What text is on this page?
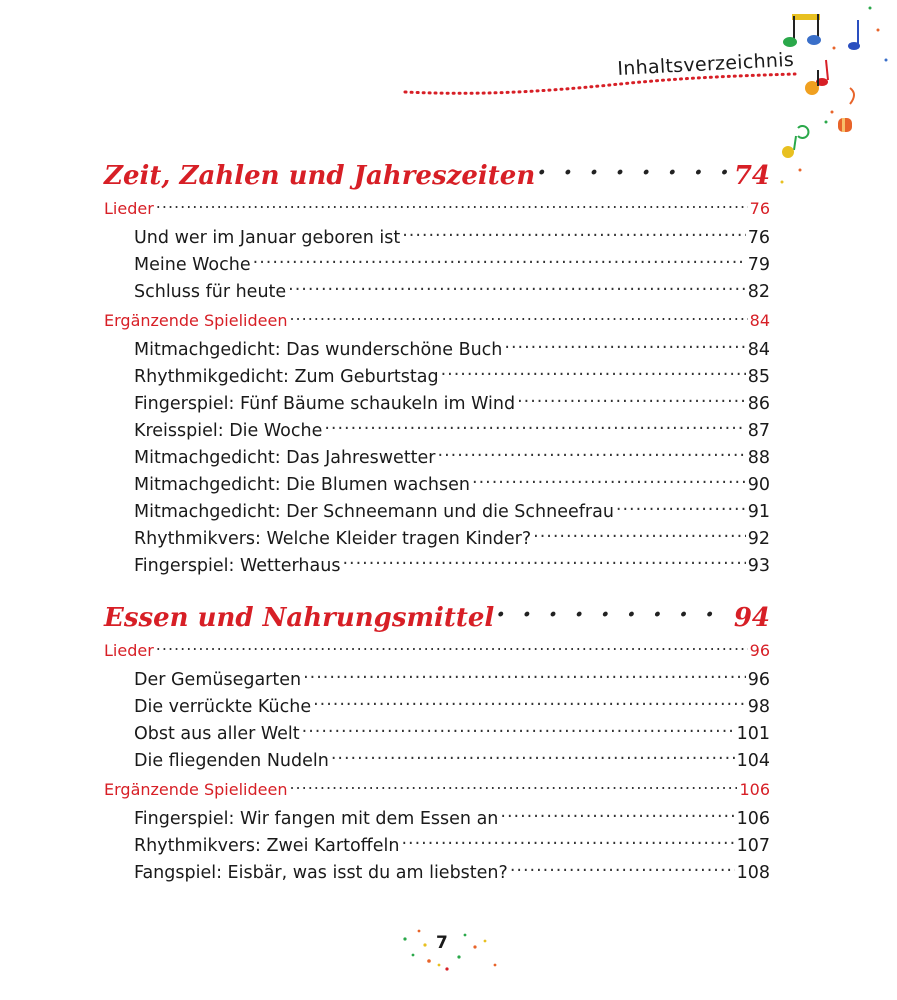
Inhaltsverzeichnis
Zeit, Zahlen und Jahreszeiten . . .	74
Lieder .....	76
Und wer im Januar geboren ist .....	76
Meine Woche .....	79
Schluss für heute .....	82
Ergänzende Spielideen .....	84
Mitmachgedicht: Das wunderschöne Buch .....	84
Rhythmikgedicht: Zum Geburtstag .....	85
Fingerspiel: Fünf Bäume schaukeln im Wind .....	86
Kreisspiel: Die Woche .....	87
Mitmachgedicht: Das Jahreswetter .....	88
Mitmachgedicht: Die Blumen wachsen .....	90
Mitmachgedicht: Der Schneemann und die Schneefrau .....	91
Rhythmikvers: Welche Kleider tragen Kinder? .....	92
Fingerspiel: Wetterhaus .....	93
Essen und Nahrungsmittel . . .	94
Lieder .....	96
Der Gemüsegarten .....	96
Die verrückte Küche .....	98
Obst aus aller Welt .....	101
Die fliegenden Nudeln .....	104
Ergänzende Spielideen .....	106
Fingerspiel: Wir fangen mit dem Essen an .....	106
Rhythmikvers: Zwei Kartoffeln .....	107
Fangspiel: Eisbär, was isst du am liebsten? .....	108
7
